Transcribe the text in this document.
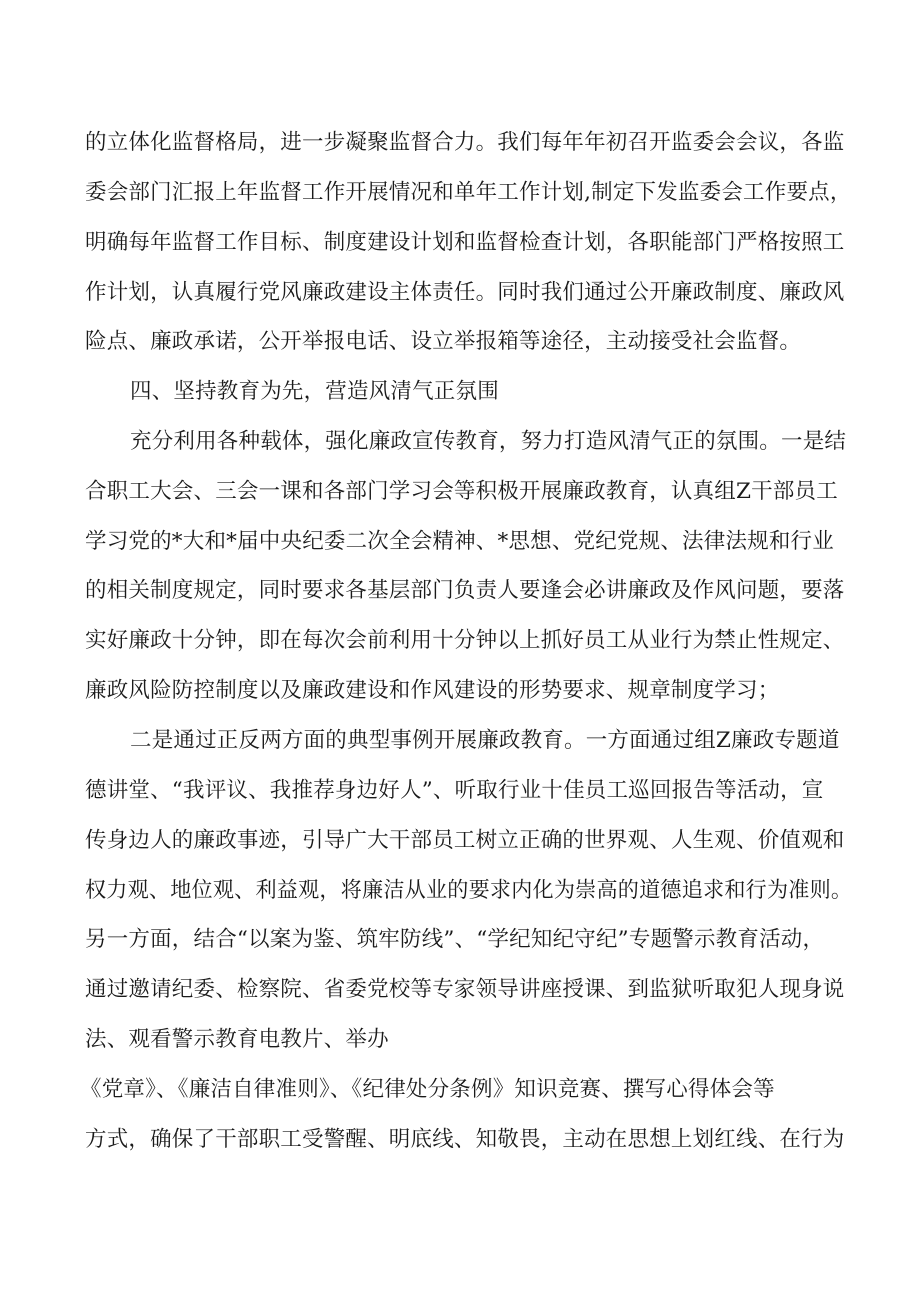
的立体化监督格局，进一步凝聚监督合力。我们每年年初召开监委会会议，各监
委会部门汇报上年监督工作开展情况和单年工作计划,制定下发监委会工作要点，
明确每年监督工作目标、制度建设计划和监督检查计划，各职能部门严格按照工
作计划，认真履行党风廉政建设主体责任。同时我们通过公开廉政制度、廉政风
险点、廉政承诺，公开举报电话、设立举报箱等途径，主动接受社会监督。
四、坚持教育为先，营造风清气正氛围
充分利用各种载体，强化廉政宣传教育，努力打造风清气正的氛围。一是结
合职工大会、三会一课和各部门学习会等积极开展廉政教育，认真组Z干部员工
学习党的*大和*届中央纪委二次全会精神、*思想、党纪党规、法律法规和行业
的相关制度规定，同时要求各基层部门负责人要逢会必讲廉政及作风问题，要落
实好廉政十分钟，即在每次会前利用十分钟以上抓好员工从业行为禁止性规定、
廉政风险防控制度以及廉政建设和作风建设的形势要求、规章制度学习；
二是通过正反两方面的典型事例开展廉政教育。一方面通过组Z廉政专题道
德讲堂、“我评议、我推荐身边好人”、听取行业十佳员工巡回报告等活动，宣
传身边人的廉政事迹，引导广大干部员工树立正确的世界观、人生观、价值观和
权力观、地位观、利益观，将廉洁从业的要求内化为崇高的道德追求和行为准则。
另一方面，结合“以案为鉴、筑牢防线”、“学纪知纪守纪”专题警示教育活动，
通过邀请纪委、检察院、省委党校等专家领导讲座授课、到监狱听取犯人现身说
法、观看警示教育电教片、举办
《党章》、《廉洁自律准则》、《纪律处分条例》知识竞赛、撰写心得体会等
方式，确保了干部职工受警醒、明底线、知敬畏，主动在思想上划红线、在行为
